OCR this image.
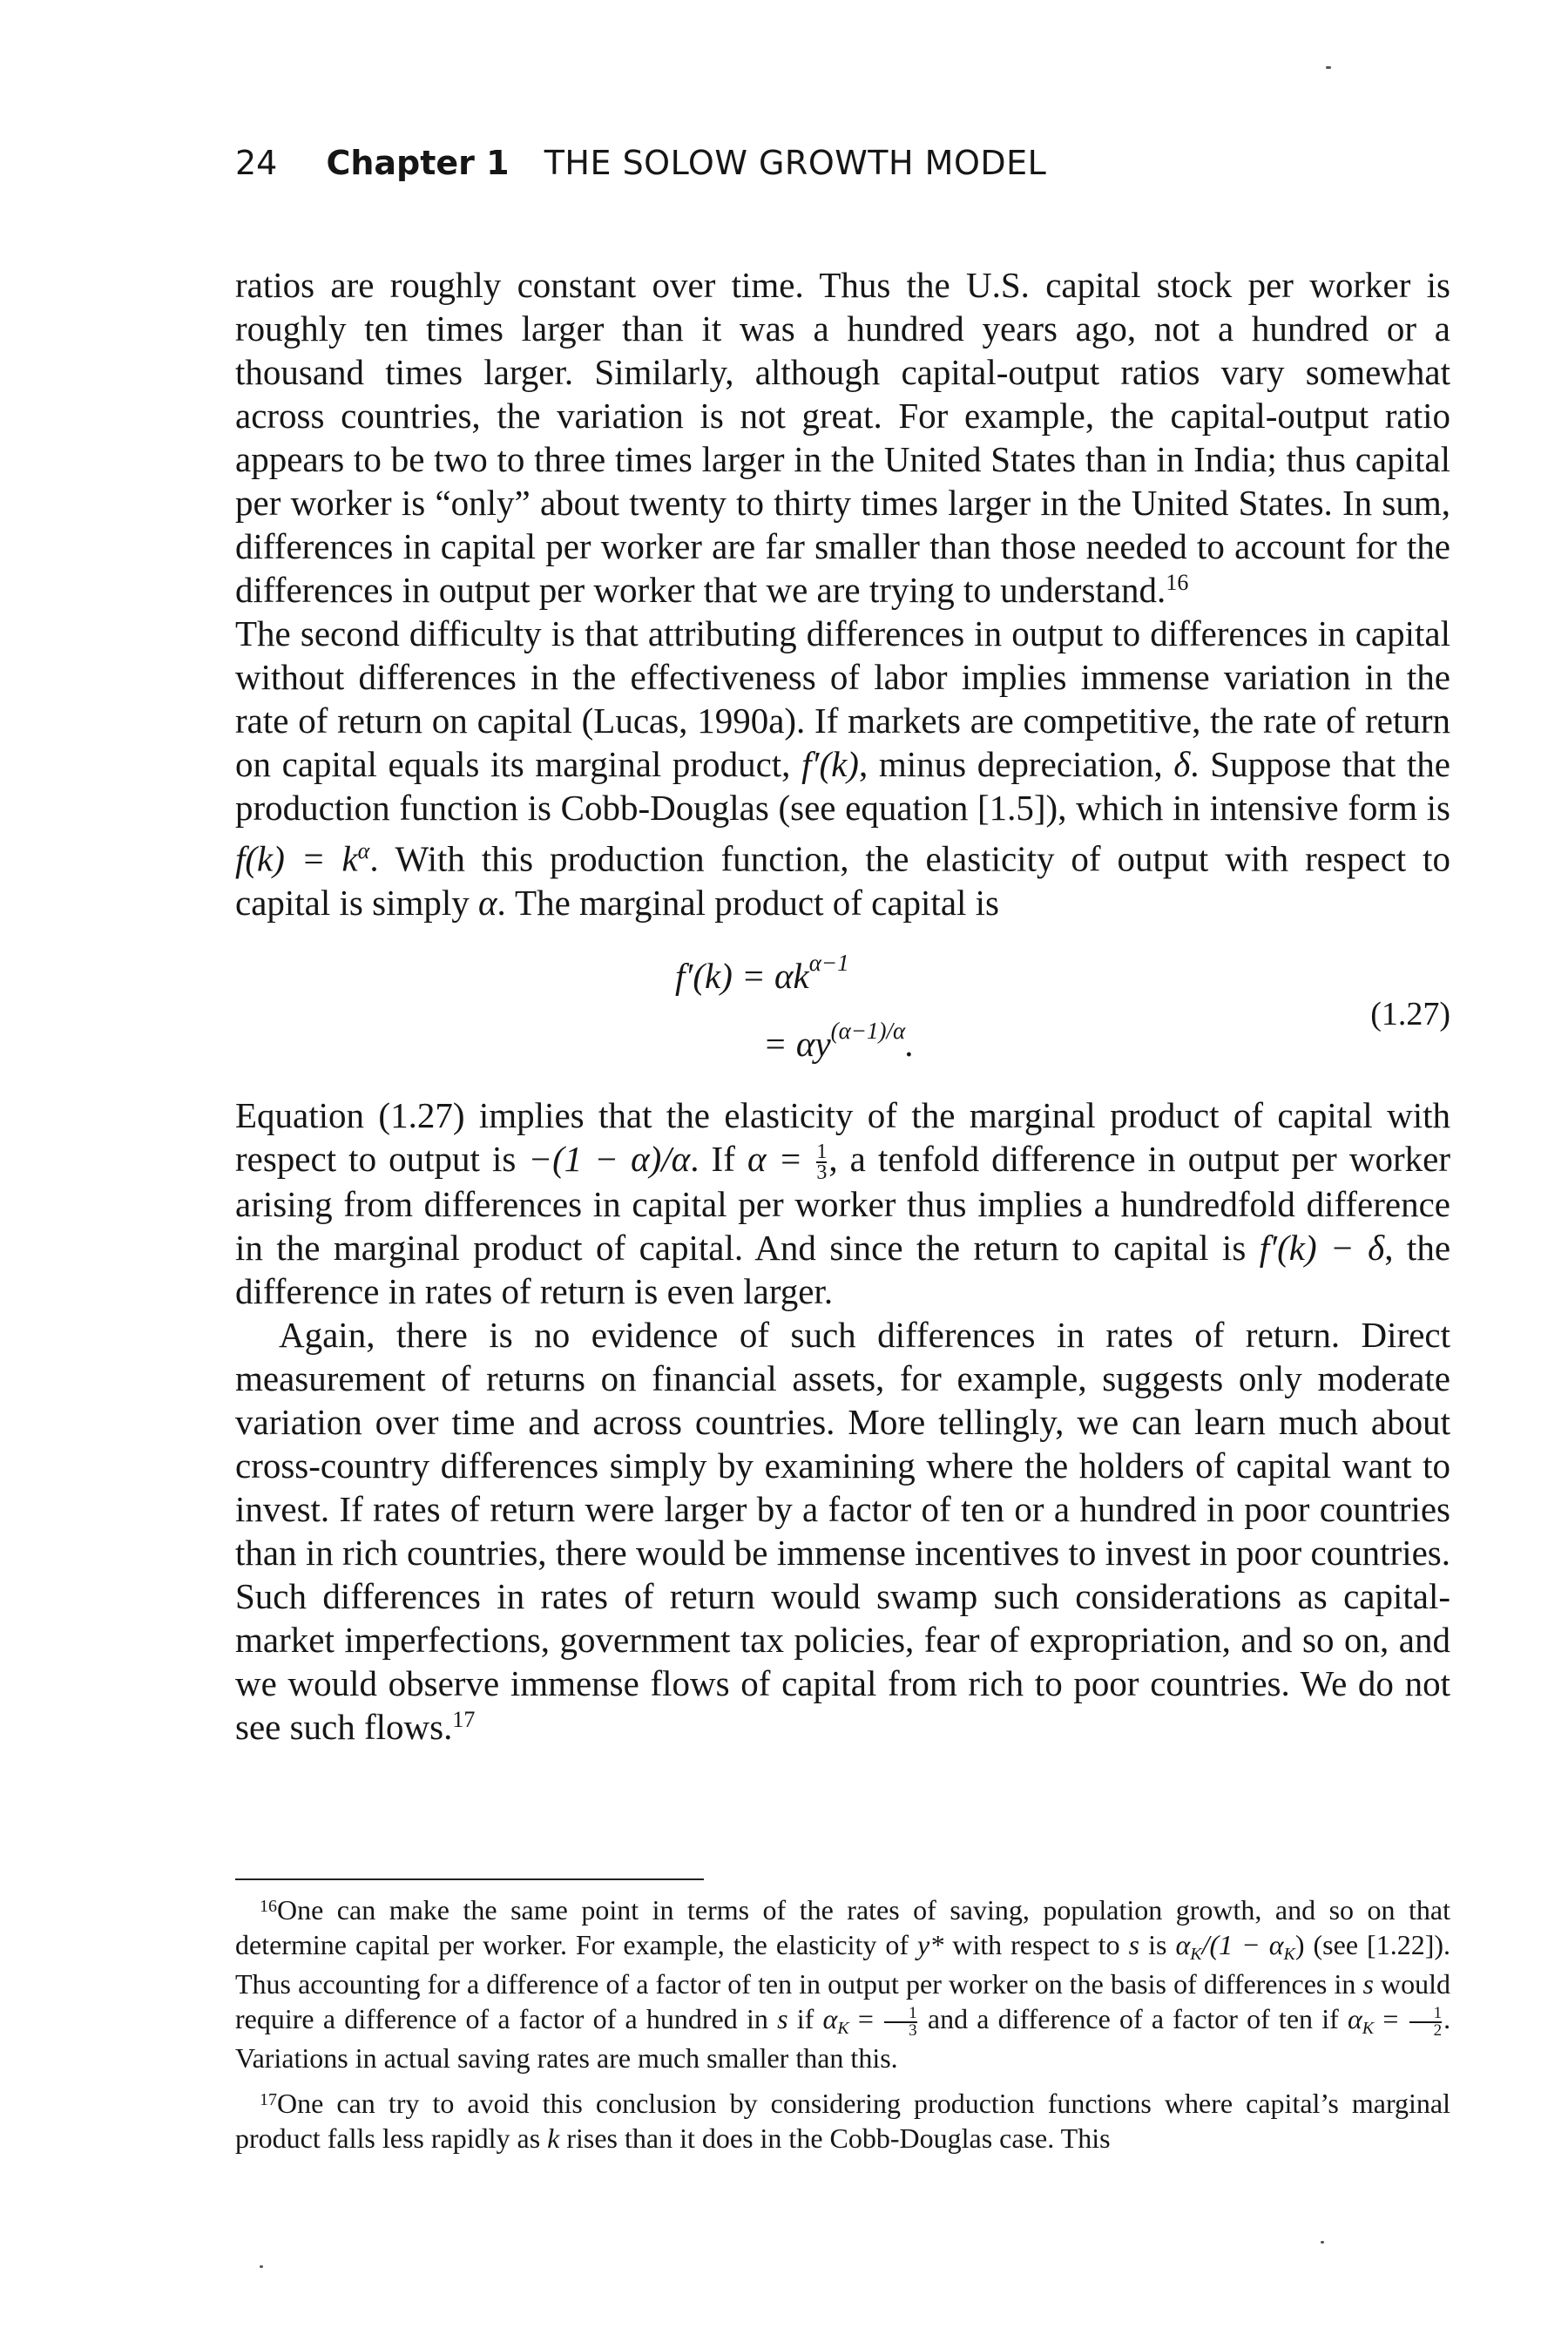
24 Chapter 1 THE SOLOW GROWTH MODEL

ratios are roughly constant over time. Thus the U.S. capital stock per worker is roughly ten times larger than it was a hundred years ago, not a hundred or a thousand times larger. Similarly, although capital-output ratios vary somewhat across countries, the variation is not great. For example, the capital-output ratio appears to be two to three times larger in the United States than in India; thus capital per worker is “only” about twenty to thirty times larger in the United States. In sum, differences in capital per worker are far smaller than those needed to account for the differences in output per worker that we are trying to understand.$^{16}$

The second difficulty is that attributing differences in output to differences in capital without differences in the effectiveness of labor implies immense variation in the rate of return on capital (Lucas, 1990a). If markets are competitive, the rate of return on capital equals its marginal product, f′(k), minus depreciation, δ. Suppose that the production function is Cobb-Douglas (see equation [1.5]), which in intensive form is $f(k) = k^\alpha$. With this production function, the elasticity of output with respect to capital is simply α. The marginal product of capital is

$f'(k) = \alpha k^{\alpha-1}$
= $\alpha y^{(\alpha-1)/\alpha}$.
(1.27)

Equation (1.27) implies that the elasticity of the marginal product of capital with respect to output is −(1 − α)/α. If $\alpha = \frac{1}{3}$ , a tenfold difference in output per worker arising from differences in capital per worker thus implies a hundredfold difference in the marginal product of capital. And since the return to capital is f′(k) − δ, the difference in rates of return is even larger.

Again, there is no evidence of such differences in rates of return. Direct measurement of returns on financial assets, for example, suggests only moderate variation over time and across countries. More tellingly, we can learn much about cross-country differences simply by examining where the holders of capital want to invest. If rates of return were larger by a factor of ten or a hundred in poor countries than in rich countries, there would be immense incentives to invest in poor countries. Such differences in rates of return would swamp such considerations as capital-market imperfections, government tax policies, fear of expropriation, and so on, and we would observe immense flows of capital from rich to poor countries. We do not see such flows.$^{17}$

$^{16}$One can make the same point in terms of the rates of saving, population growth, and so on that determine capital per worker. For example, the elasticity of y* with respect to s is αK/(1 − αK) (see [1.22]). Thus accounting for a difference of a factor of ten in output per worker on the basis of differences in s would require a difference of a factor of a hundred in s if $\alpha K = \frac{1}{3}$ and a difference of a factor of ten if $\alpha K = \frac{1}{2}$ . Variations in actual saving rates are much smaller than this.

$^{17}$One can try to avoid this conclusion by considering production functions where capital’s marginal product falls less rapidly as k rises than it does in the Cobb-Douglas case. This
